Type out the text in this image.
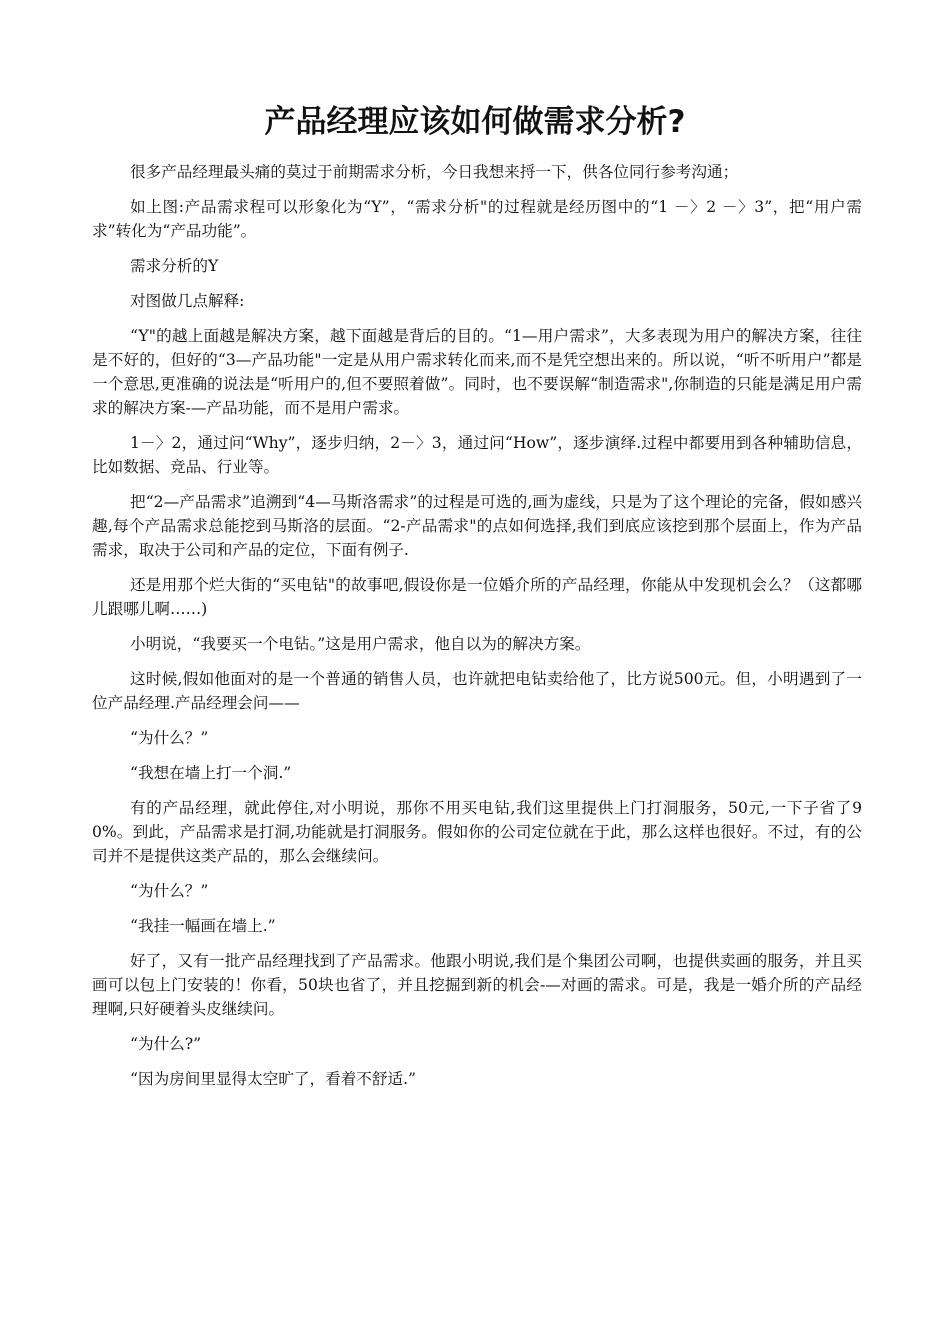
产品经理应该如何做需求分析?

很多产品经理最头痛的莫过于前期需求分析，今日我想来捋一下，供各位同行参考沟通；

如上图:产品需求程可以形象化为“Y”，“需求分析"的过程就是经历图中的“1 －〉2 －〉3”，把“用户需求”转化为“产品功能”。

需求分析的Y

对图做几点解释:

“Y"的越上面越是解决方案，越下面越是背后的目的。“1—用户需求”，大多表现为用户的解决方案，往往是不好的，但好的“3—产品功能"一定是从用户需求转化而来,而不是凭空想出来的。所以说，“听不听用户”都是一个意思,更准确的说法是“听用户的,但不要照着做”。同时，也不要误解“制造需求",你制造的只能是满足用户需求的解决方案-—产品功能，而不是用户需求。

1－〉2，通过问“Why”，逐步归纳，2－〉3，通过问“How”，逐步演绎.过程中都要用到各种辅助信息，比如数据、竞品、行业等。

把“2—产品需求”追溯到“4—马斯洛需求”的过程是可选的,画为虚线，只是为了这个理论的完备，假如感兴趣,每个产品需求总能挖到马斯洛的层面。“2-产品需求"的点如何选择,我们到底应该挖到那个层面上，作为产品需求，取决于公司和产品的定位，下面有例子.

还是用那个烂大街的“买电钻"的故事吧,假设你是一位婚介所的产品经理，你能从中发现机会么？（这都哪儿跟哪儿啊……)

小明说，“我要买一个电钻。”这是用户需求，他自以为的解决方案。

这时候,假如他面对的是一个普通的销售人员，也许就把电钻卖给他了，比方说500元。但，小明遇到了一位产品经理.产品经理会问——

“为什么？”

“我想在墙上打一个洞.”

有的产品经理，就此停住,对小明说，那你不用买电钻,我们这里提供上门打洞服务，50元,一下子省了90%。到此，产品需求是打洞,功能就是打洞服务。假如你的公司定位就在于此，那么这样也很好。不过，有的公司并不是提供这类产品的，那么会继续问。

“为什么？”

“我挂一幅画在墙上.”

好了，又有一批产品经理找到了产品需求。他跟小明说,我们是个集团公司啊，也提供卖画的服务，并且买画可以包上门安装的！你看，50块也省了，并且挖掘到新的机会-—对画的需求。可是，我是一婚介所的产品经理啊,只好硬着头皮继续问。

“为什么?”

“因为房间里显得太空旷了，看着不舒适.”
